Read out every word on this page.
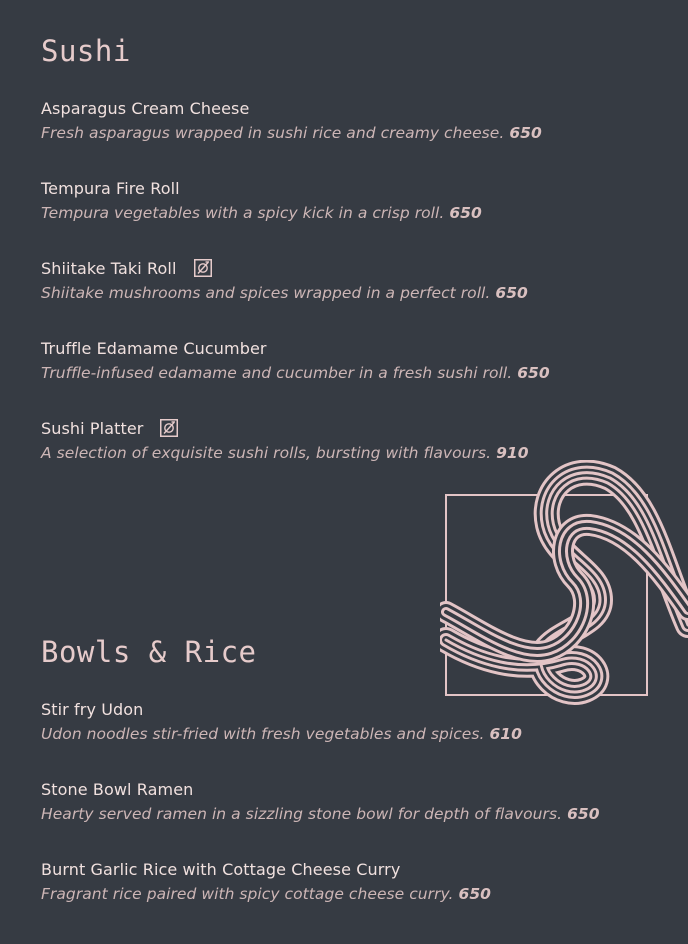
Sushi
Asparagus Cream Cheese
Fresh asparagus wrapped in sushi rice and creamy cheese. 650
Tempura Fire Roll
Tempura vegetables with a spicy kick in a crisp roll. 650
Shiitake Taki Roll
Shiitake mushrooms and spices wrapped in a perfect roll. 650
Truffle Edamame Cucumber
Truffle-infused edamame and cucumber in a fresh sushi roll. 650
Sushi Platter
A selection of exquisite sushi rolls, bursting with flavours. 910
Bowls & Rice
Stir fry Udon
Udon noodles stir-fried with fresh vegetables and spices. 610
Stone Bowl Ramen
Hearty served ramen in a sizzling stone bowl for depth of flavours. 650
Burnt Garlic Rice with Cottage Cheese Curry
Fragrant rice paired with spicy cottage cheese curry. 650
